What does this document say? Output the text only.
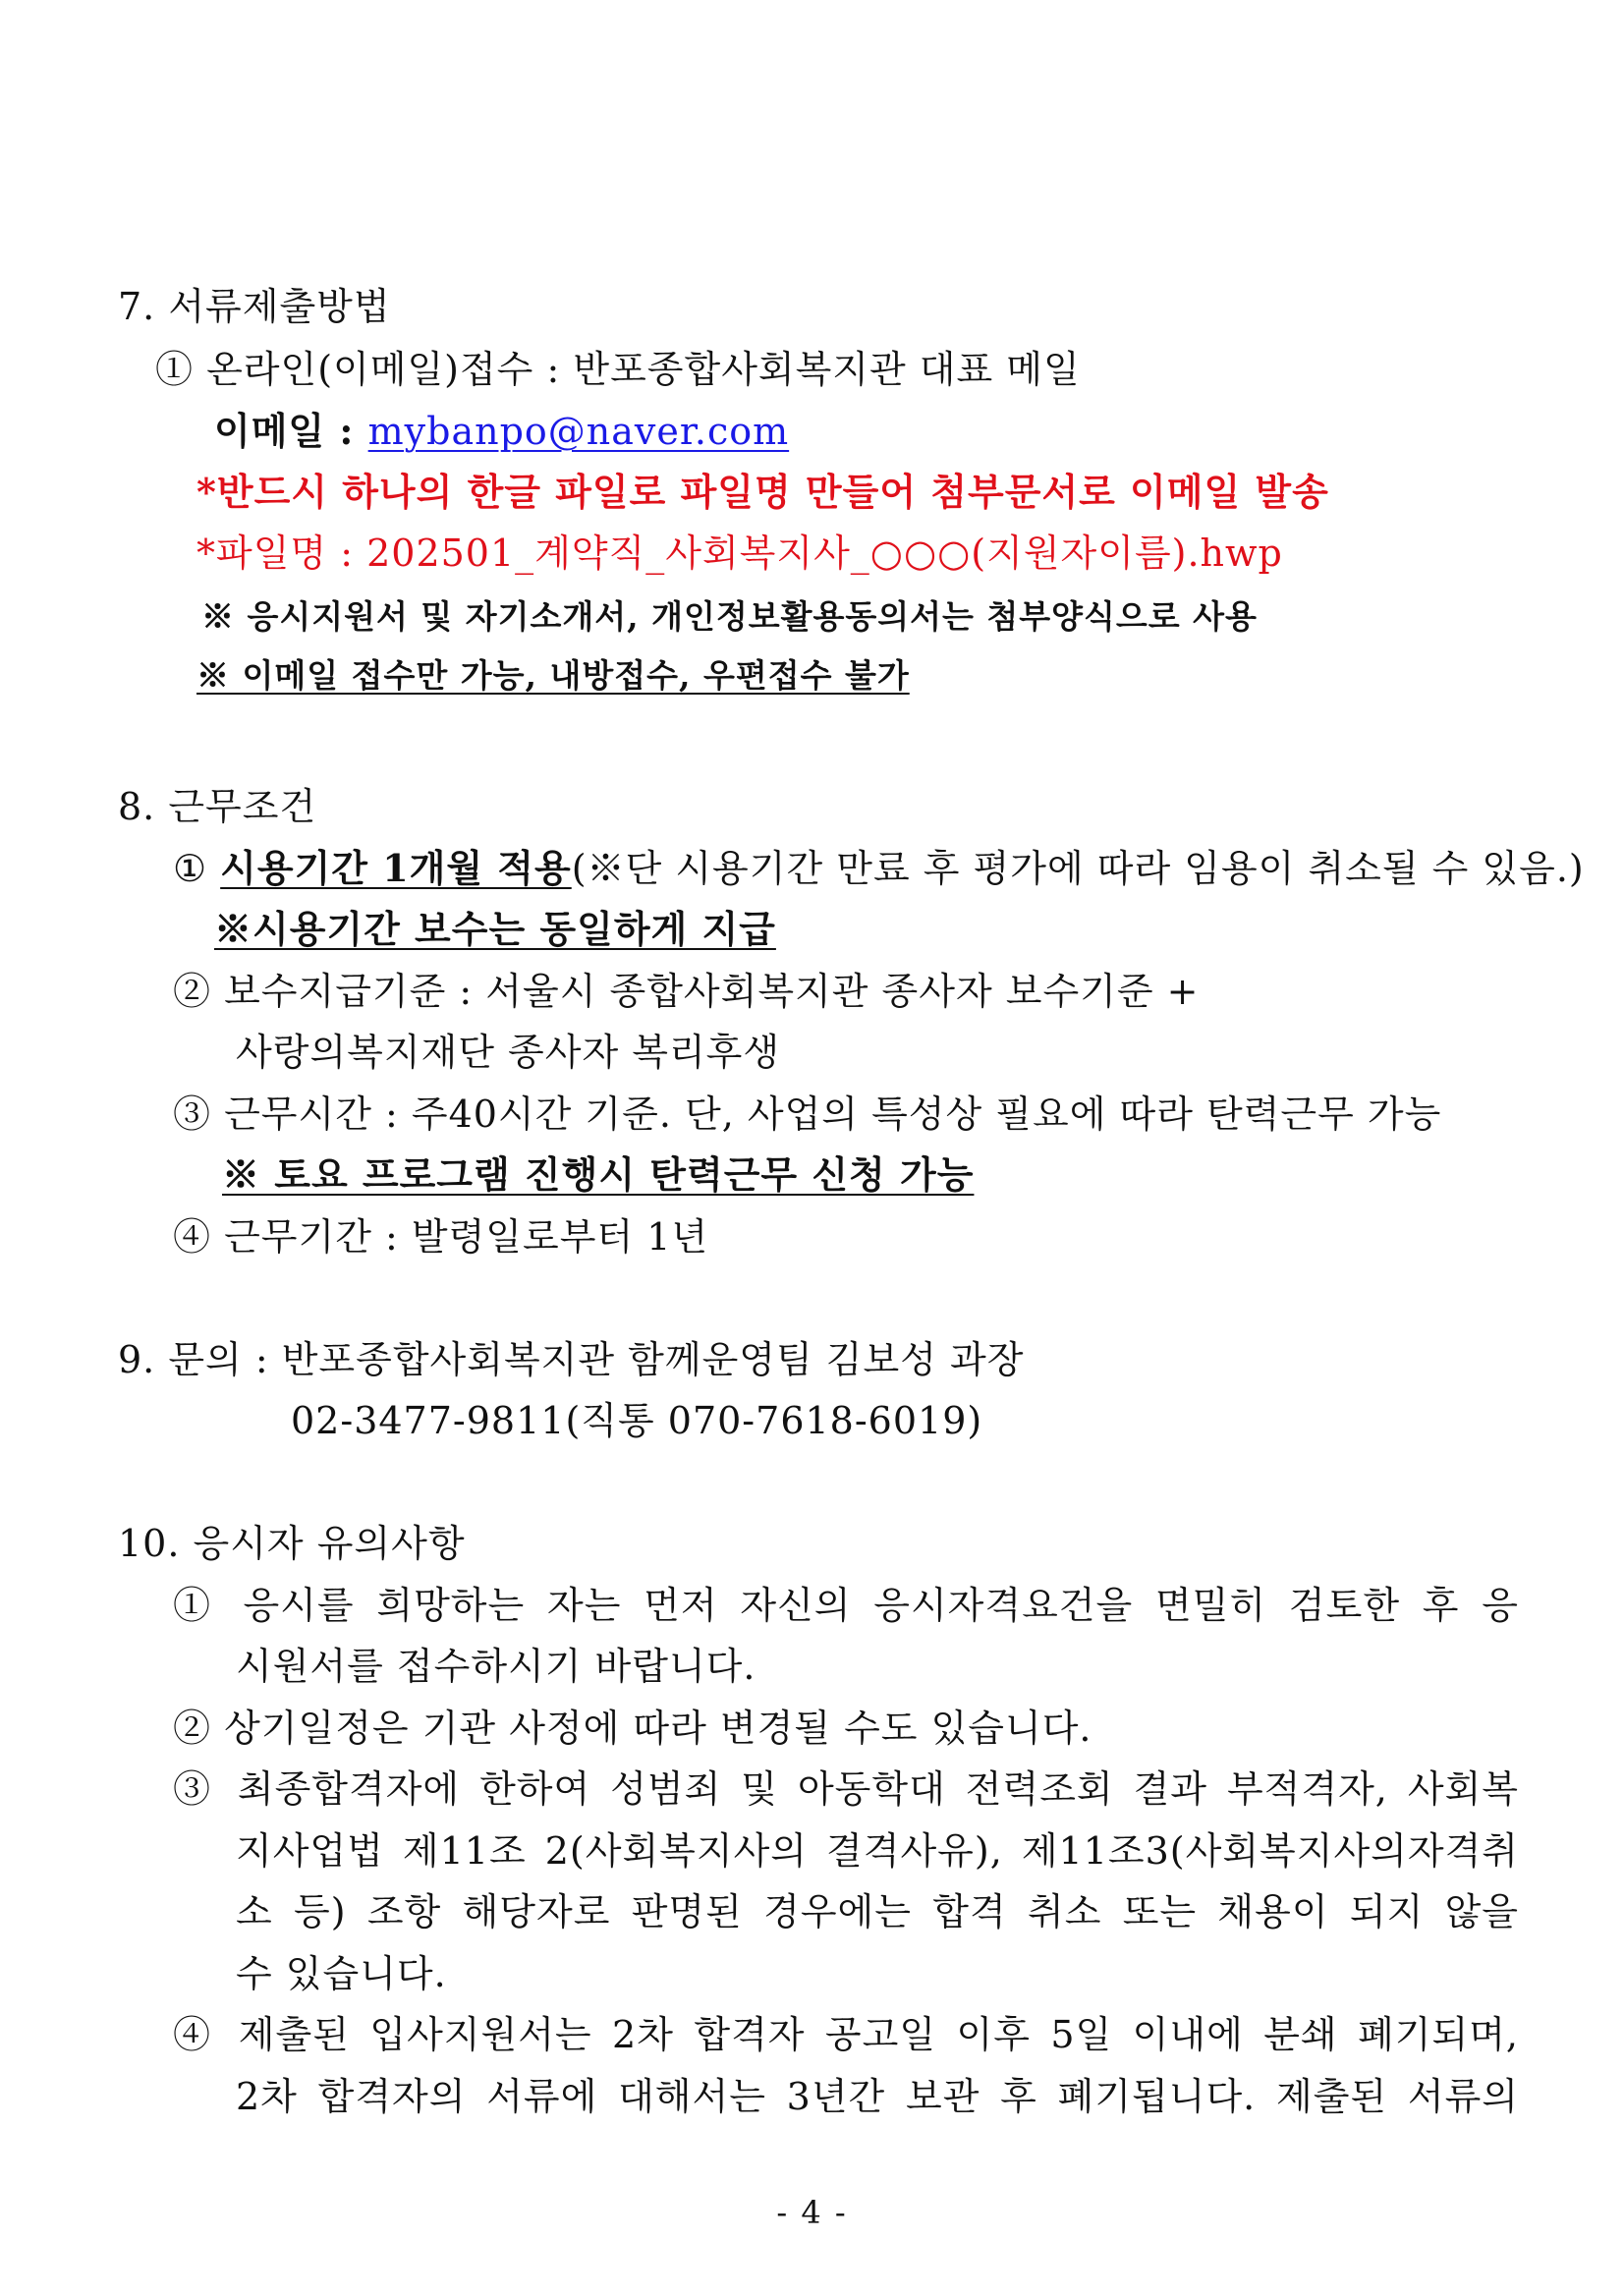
7. 서류제출방법
① 온라인(이메일)접수 : 반포종합사회복지관 대표 메일
이메일 : mybanpo@naver.com
*반드시 하나의 한글 파일로 파일명 만들어 첨부문서로 이메일 발송
*파일명 : 202501_계약직_사회복지사_○○○(지원자이름).hwp
※ 응시지원서 및 자기소개서, 개인정보활용동의서는 첨부양식으로 사용
※ 이메일 접수만 가능, 내방접수, 우편접수 불가
8. 근무조건
① 시용기간 1개월 적용(※단 시용기간 만료 후 평가에 따라 임용이 취소될 수 있음.)
※시용기간 보수는 동일하게 지급
② 보수지급기준 : 서울시 종합사회복지관 종사자 보수기준 +
사랑의복지재단 종사자 복리후생
③ 근무시간 : 주40시간 기준. 단, 사업의 특성상 필요에 따라 탄력근무 가능
※ 토요 프로그램 진행시 탄력근무 신청 가능
④ 근무기간 : 발령일로부터 1년
9. 문의 : 반포종합사회복지관 함께운영팀 김보성 과장
02-3477-9811(직통 070-7618-6019)
10. 응시자 유의사항
① 응시를 희망하는 자는 먼저 자신의 응시자격요건을 면밀히 검토한 후 응
시원서를 접수하시기 바랍니다.
② 상기일정은 기관 사정에 따라 변경될 수도 있습니다.
③ 최종합격자에 한하여 성범죄 및 아동학대 전력조회 결과 부적격자, 사회복
지사업법 제11조 2(사회복지사의 결격사유), 제11조3(사회복지사의자격취
소 등) 조항 해당자로 판명된 경우에는 합격 취소 또는 채용이 되지 않을
수 있습니다.
④ 제출된 입사지원서는 2차 합격자 공고일 이후 5일 이내에 분쇄 폐기되며,
2차 합격자의 서류에 대해서는 3년간 보관 후 폐기됩니다. 제출된 서류의
- 4 -
